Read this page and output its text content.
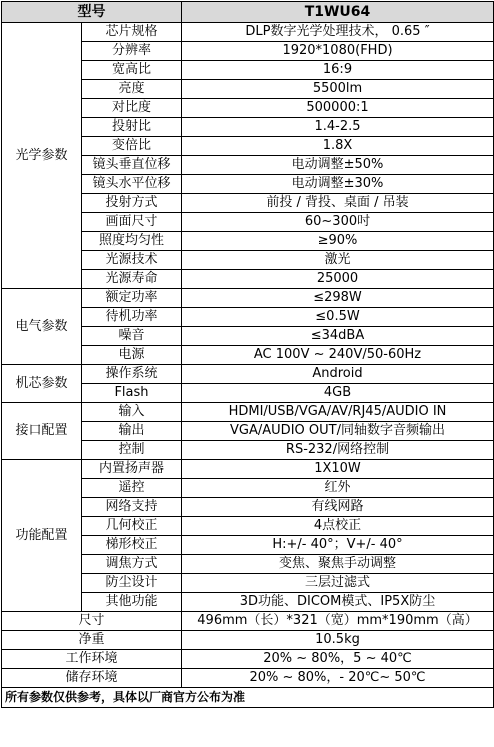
型号		T1WU64
光学参数	芯片规格	DLP数字光学处理技术， 0.65 ″
	分辨率	1920*1080(FHD)
	宽高比	16:9
	亮度	5500lm
	对比度	500000:1
	投射比	1.4-2.5
	变倍比	1.8X
	镜头垂直位移	电动调整±50%
	镜头水平位移	电动调整±30%
	投射方式	前投 / 背投、桌面 / 吊装
	画面尺寸	60~300吋
	照度均匀性	≥90%
	光源技术	激光
	光源寿命	25000
电气参数	额定功率	≤298W
	待机功率	≤0.5W
	噪音	≤34dBA
	电源	AC 100V ~ 240V/50-60Hz
机芯参数	操作系统	Android
	Flash	4GB
接口配置	输入	HDMI/USB/VGA/AV/RJ45/AUDIO IN
	输出	VGA/AUDIO OUT/同轴数字音频输出
	控制	RS-232/网络控制
功能配置	内置扬声器	1X10W
	遥控	红外
	网络支持	有线网路
	几何校正	4点校正
	梯形校正	H:+/- 40°；V+/- 40°
	调焦方式	变焦、聚焦手动调整
	防尘设计	三层过滤式
	其他功能	3D功能、DICOM模式、IP5X防尘
尺寸		496mm（长）*321（宽）mm*190mm（高）
净重		10.5kg
工作环境		20% ~ 80%，5 ~ 40℃
储存环境		20% ~ 80%，- 20℃~ 50℃
所有参数仅供参考，具体以厂商官方公布为准		
